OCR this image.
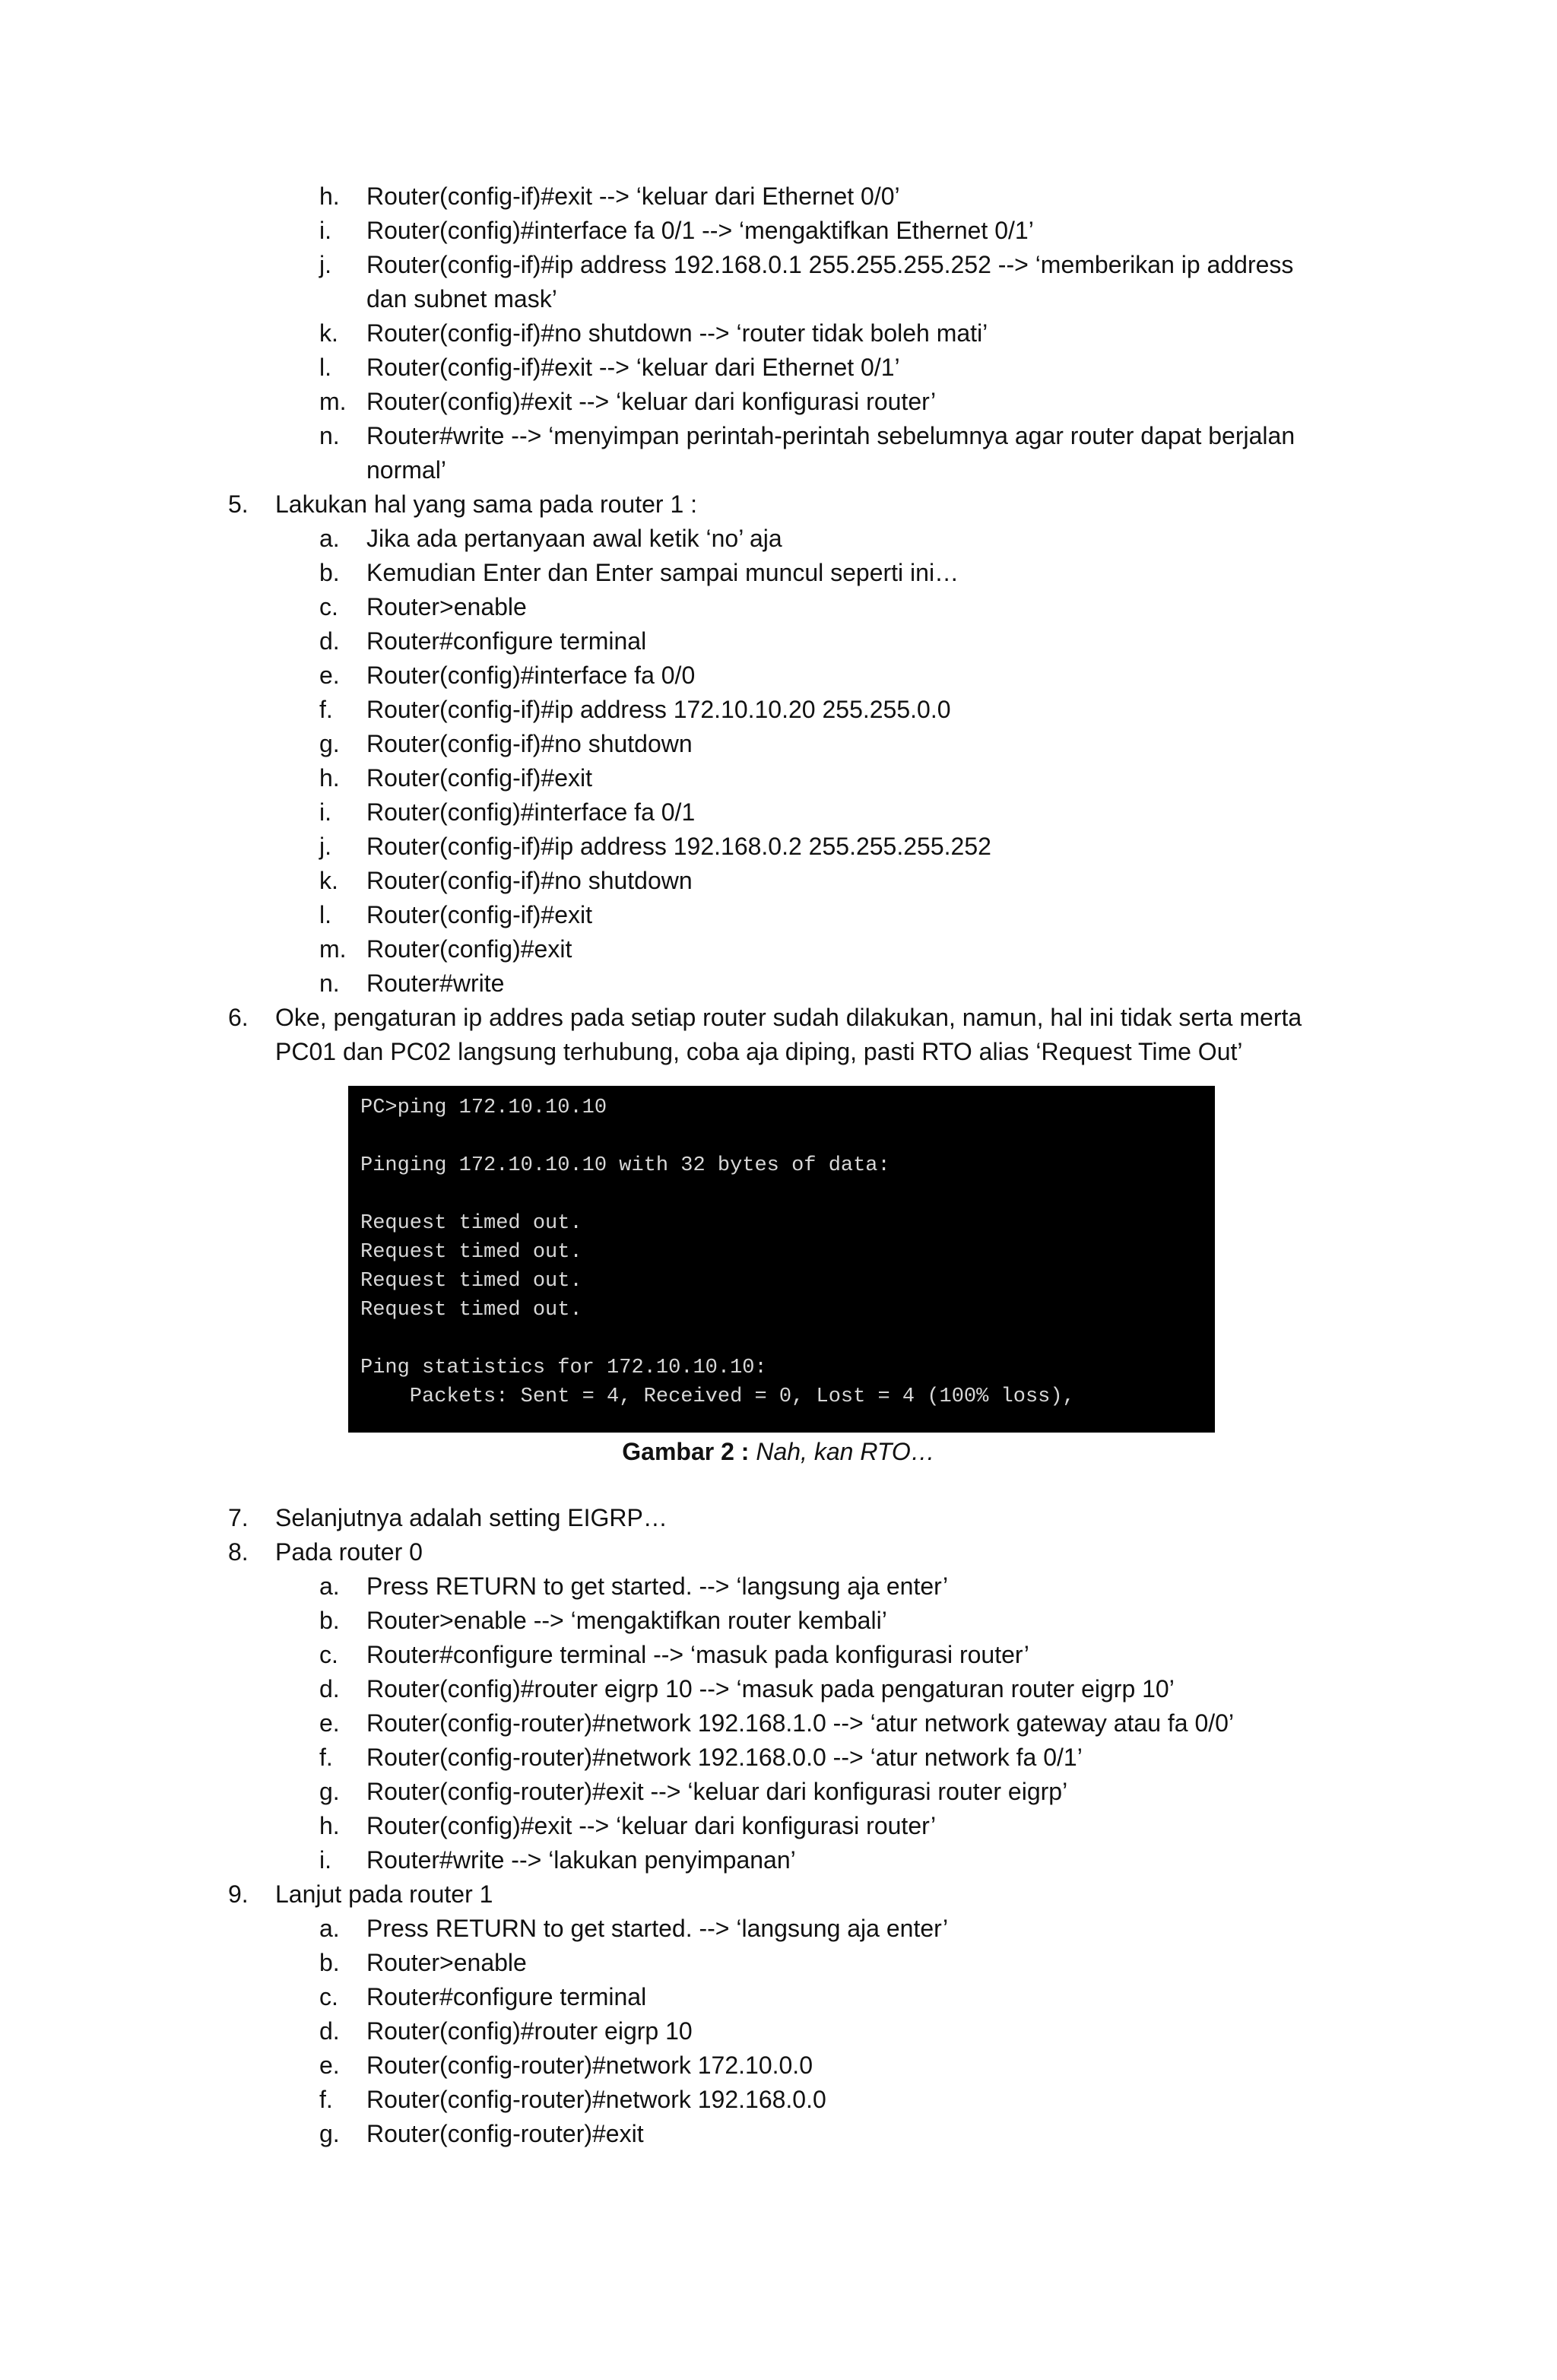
h. Router(config-if)#exit --> ‘keluar dari Ethernet 0/0’
i. Router(config)#interface fa 0/1 --> ‘mengaktifkan Ethernet 0/1’
j. Router(config-if)#ip address 192.168.0.1 255.255.255.252 --> ‘memberikan ip address
dan subnet mask’
k. Router(config-if)#no shutdown --> ‘router tidak boleh mati’
l. Router(config-if)#exit --> ‘keluar dari Ethernet 0/1’
m. Router(config)#exit --> ‘keluar dari konfigurasi router’
n. Router#write --> ‘menyimpan perintah-perintah sebelumnya agar router dapat berjalan
normal’
5. Lakukan hal yang sama pada router 1 :
a. Jika ada pertanyaan awal ketik ‘no’ aja
b. Kemudian Enter dan Enter sampai muncul seperti ini…
c. Router>enable
d. Router#configure terminal
e. Router(config)#interface fa 0/0
f. Router(config-if)#ip address 172.10.10.20 255.255.0.0
g. Router(config-if)#no shutdown
h. Router(config-if)#exit
i. Router(config)#interface fa 0/1
j. Router(config-if)#ip address 192.168.0.2 255.255.255.252
k. Router(config-if)#no shutdown
l. Router(config-if)#exit
m. Router(config)#exit
n. Router#write
6. Oke, pengaturan ip addres pada setiap router sudah dilakukan, namun, hal ini tidak serta merta
PC01 dan PC02 langsung terhubung, coba aja diping, pasti RTO alias ‘Request Time Out’
PC>ping 172.10.10.10
Pinging 172.10.10.10 with 32 bytes of data:
Request timed out.
Request timed out.
Request timed out.
Request timed out.
Ping statistics for 172.10.10.10:
Packets: Sent = 4, Received = 0, Lost = 4 (100% loss),
Gambar 2 : Nah, kan RTO…
7. Selanjutnya adalah setting EIGRP…
8. Pada router 0
a. Press RETURN to get started. --> ‘langsung aja enter’
b. Router>enable --> ‘mengaktifkan router kembali’
c. Router#configure terminal --> ‘masuk pada konfigurasi router’
d. Router(config)#router eigrp 10 --> ‘masuk pada pengaturan router eigrp 10’
e. Router(config-router)#network 192.168.1.0 --> ‘atur network gateway atau fa 0/0’
f. Router(config-router)#network 192.168.0.0 --> ‘atur network fa 0/1’
g. Router(config-router)#exit --> ‘keluar dari konfigurasi router eigrp’
h. Router(config)#exit --> ‘keluar dari konfigurasi router’
i. Router#write --> ‘lakukan penyimpanan’
9. Lanjut pada router 1
a. Press RETURN to get started. --> ‘langsung aja enter’
b. Router>enable
c. Router#configure terminal
d. Router(config)#router eigrp 10
e. Router(config-router)#network 172.10.0.0
f. Router(config-router)#network 192.168.0.0
g. Router(config-router)#exit
